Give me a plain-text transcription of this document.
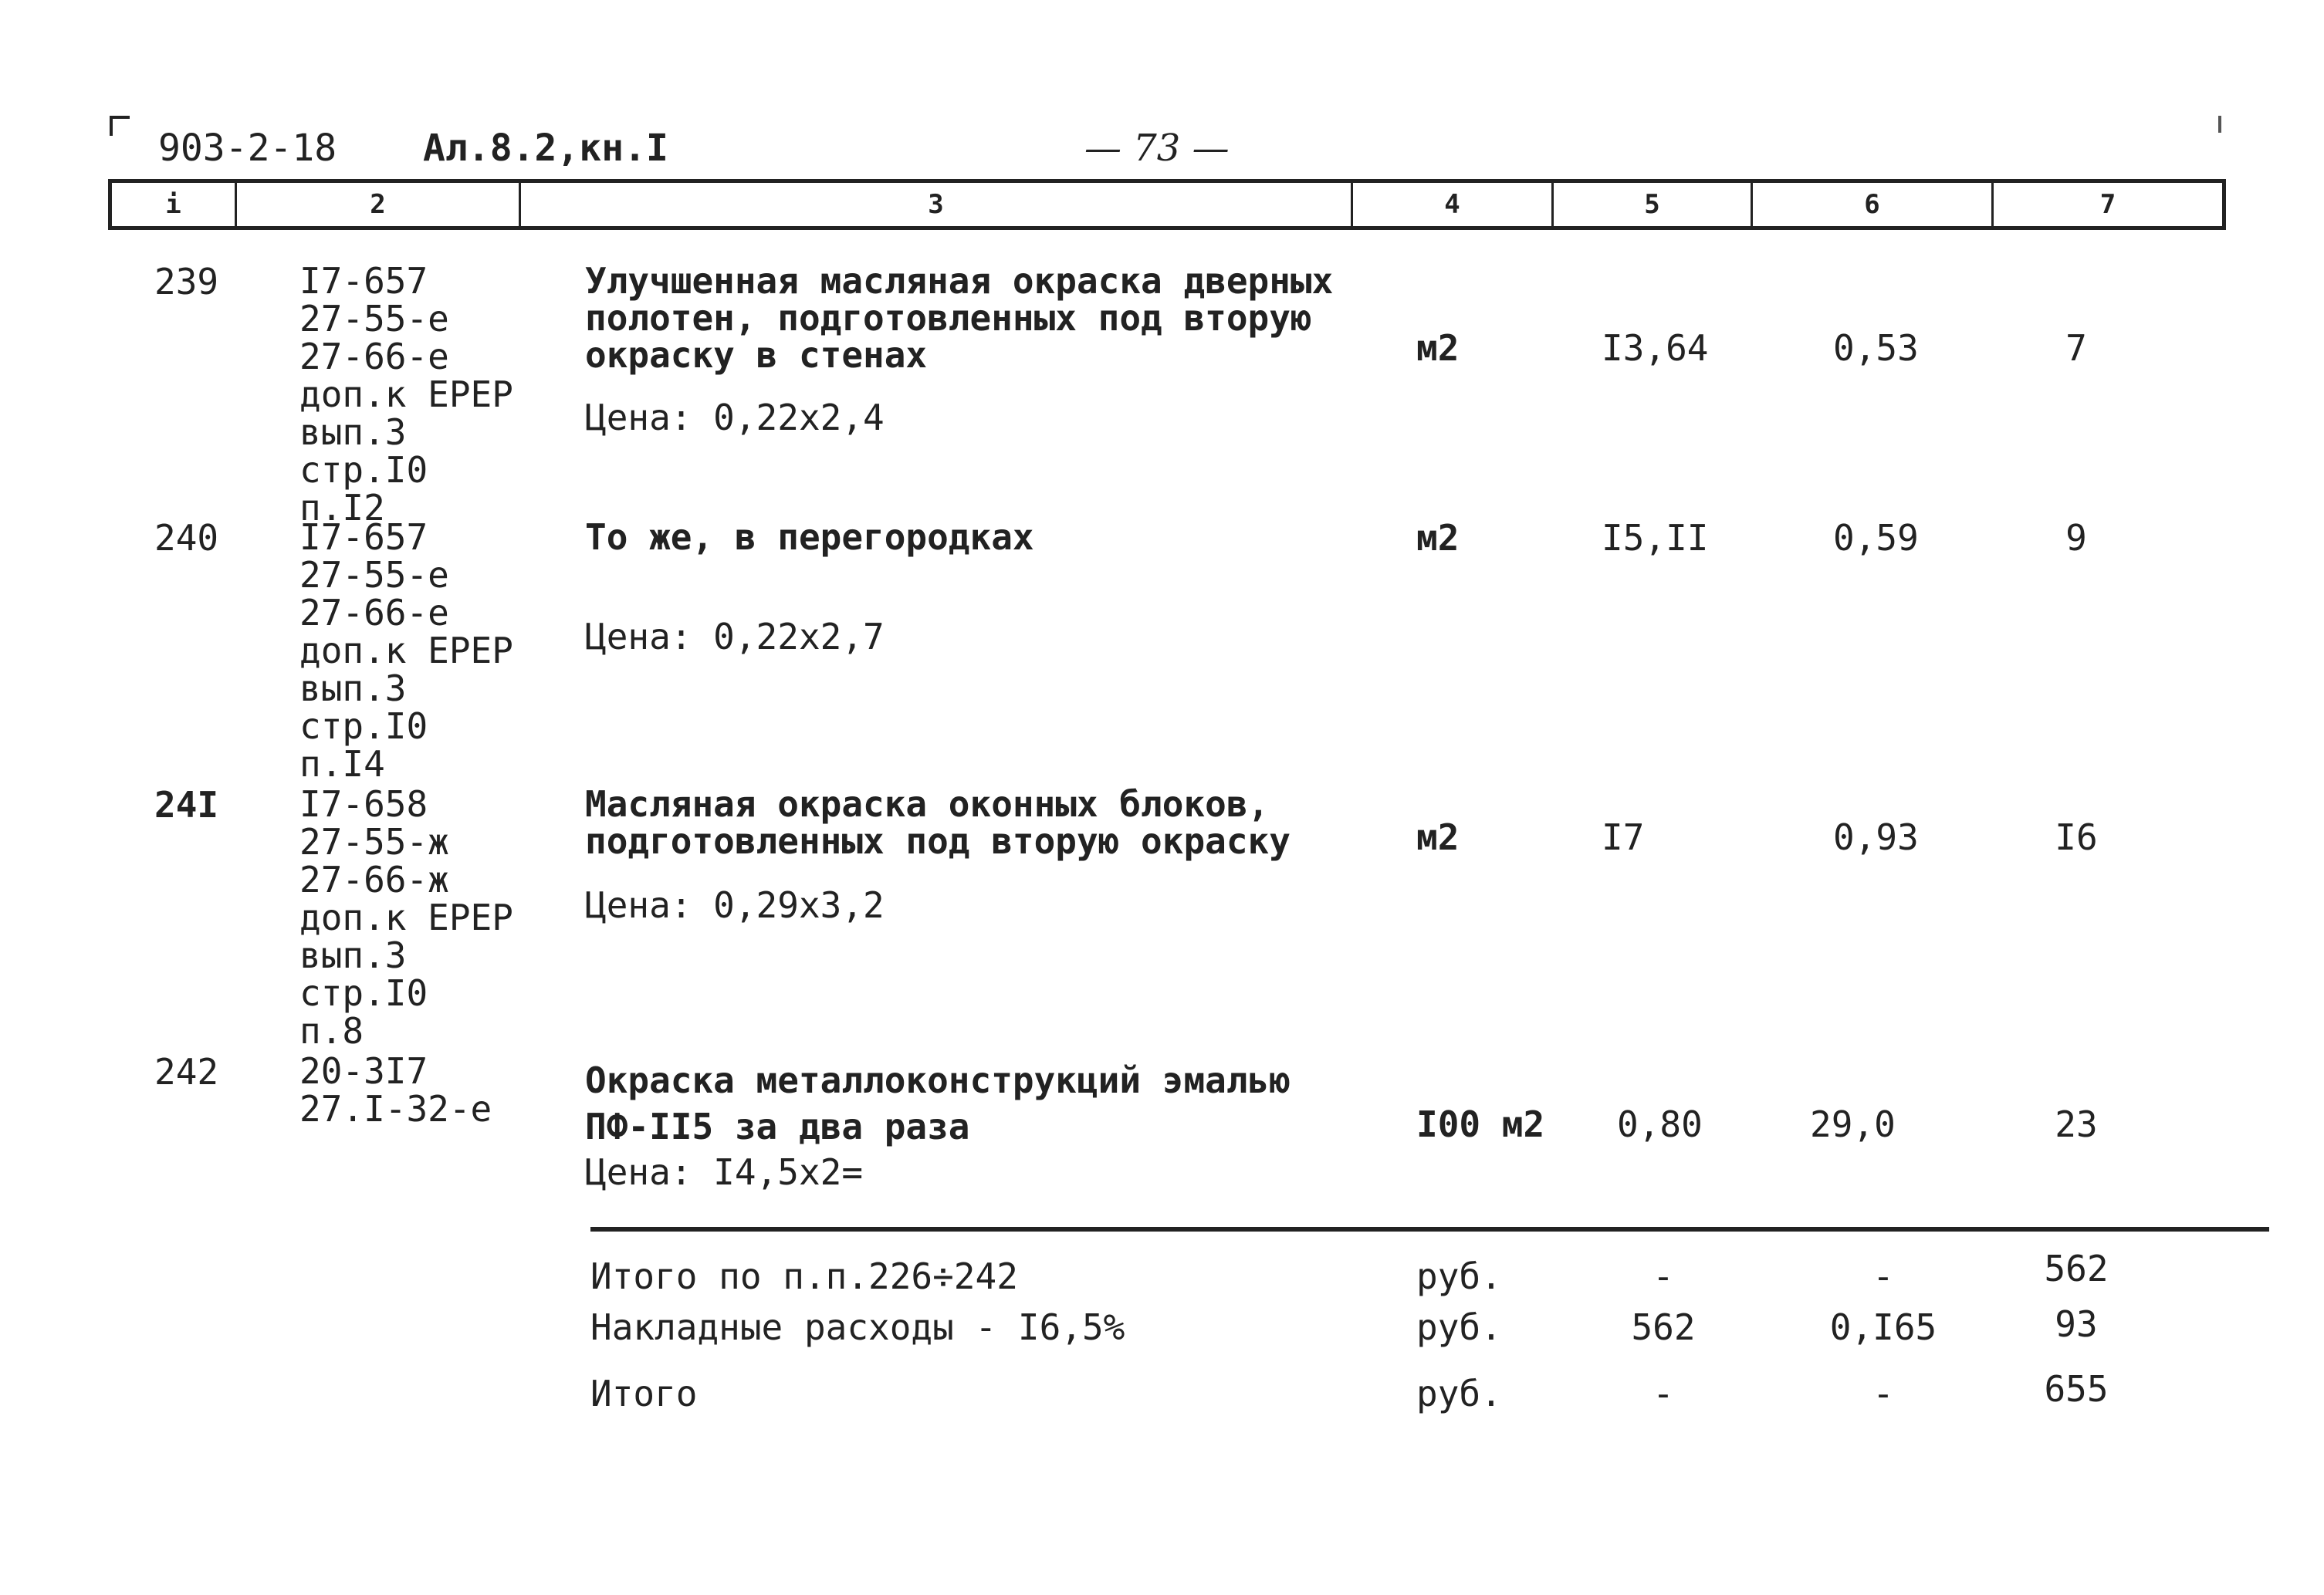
903-2-18 Ал.8.2,кн.I	— 73 —
i	2	3	4	5	6	7
239 I7-657
27-55-е
27-66-е
доп.к ЕРЕР
вып.3
стр.I0
п.I2
Улучшенная масляная окраска дверных
полотен, подготовленных под вторую
окраску в стенах
Цена: 0,22х2,4
м2	I3,64	0,53	7
240 I7-657
27-55-е
27-66-е
доп.к ЕРЕР
вып.3
стр.I0
п.I4
То же, в перегородках
Цена: 0,22х2,7
м2	I5,II	0,59	9
24I I7-658
27-55-ж
27-66-ж
доп.к ЕРЕР
вып.3
стр.I0
п.8
Масляная окраска оконных блоков,
подготовленных под вторую окраску
Цена: 0,29х3,2
м2	I7	0,93	I6
242 20-3I7
27.I-32-е
Окраска металлоконструкций эмалью
ПФ-II5 за два раза
Цена: I4,5х2=
I00 м2 0,80	29,0	23
Итого по п.п.226÷242	руб.	-	-	562
Накладные расходы - I6,5%	руб.	562	0,I65	93
Итого	руб.	-	-	655
